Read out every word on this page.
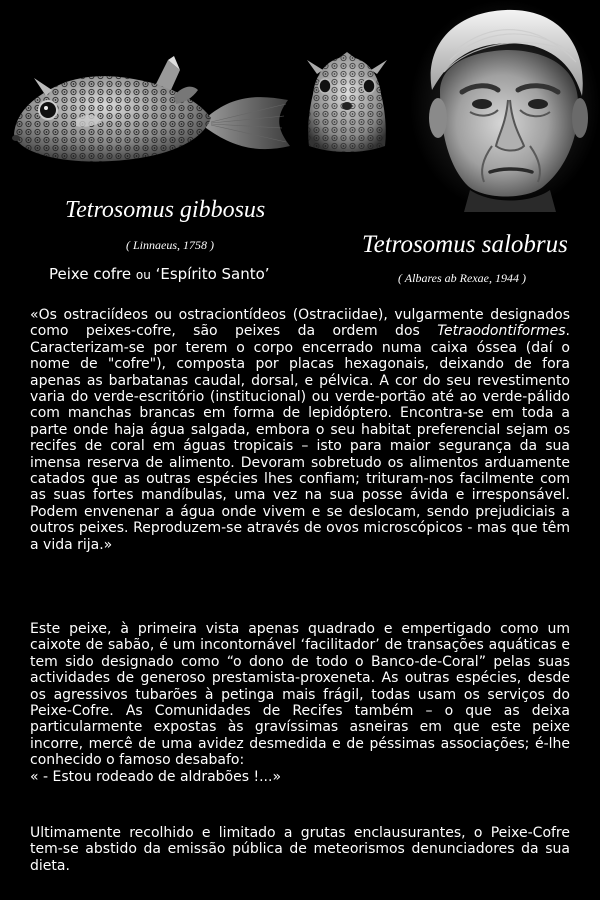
Tetrosomus gibbosus
( Linnaeus, 1758 )
Peixe cofre ou ‘Espírito Santo’
Tetrosomus salobrus
( Albares ab Rexae, 1944 )

«Os ostraciídeos ou ostraciontídeos (Ostraciidae), vulgarmente designados como peixes-cofre, são peixes da ordem dos Tetraodontiformes. Caracterizam-se por terem o corpo encerrado numa caixa óssea (daí o nome de "cofre"), composta por placas hexagonais, deixando de fora apenas as barbatanas caudal, dorsal, e pélvica. A cor do seu revestimento varia do verde-escritório (institucional) ou verde-portão até ao verde-pálido com manchas brancas em forma de lepidóptero. Encontra-se em toda a parte onde haja água salgada, embora o seu habitat preferencial sejam os recifes de coral em águas tropicais – isto para maior segurança da sua imensa reserva de alimento. Devoram sobretudo os alimentos arduamente catados que as outras espécies lhes confiam; trituram-nos facilmente com as suas fortes mandíbulas, uma vez na sua posse ávida e irresponsável. Podem envenenar a água onde vivem e se deslocam, sendo prejudiciais a outros peixes. Reproduzem-se através de ovos microscópicos - mas que têm a vida rija.»

Este peixe, à primeira vista apenas quadrado e empertigado como um caixote de sabão, é um incontornável ‘facilitador’ de transações aquáticas e tem sido designado como “o dono de todo o Banco-de-Coral” pelas suas actividades de generoso prestamista-proxeneta. As outras espécies, desde os agressivos tubarões à petinga mais frágil, todas usam os serviços do Peixe-Cofre. As Comunidades de Recifes também – o que as deixa particularmente expostas às gravíssimas asneiras em que este peixe incorre, mercê de uma avidez desmedida e de péssimas associações; é-lhe conhecido o famoso desabafo:
« - Estou rodeado de aldrabões !...»

Ultimamente recolhido e limitado a grutas enclausurantes, o Peixe-Cofre tem-se abstido da emissão pública de meteorismos denunciadores da sua dieta.
